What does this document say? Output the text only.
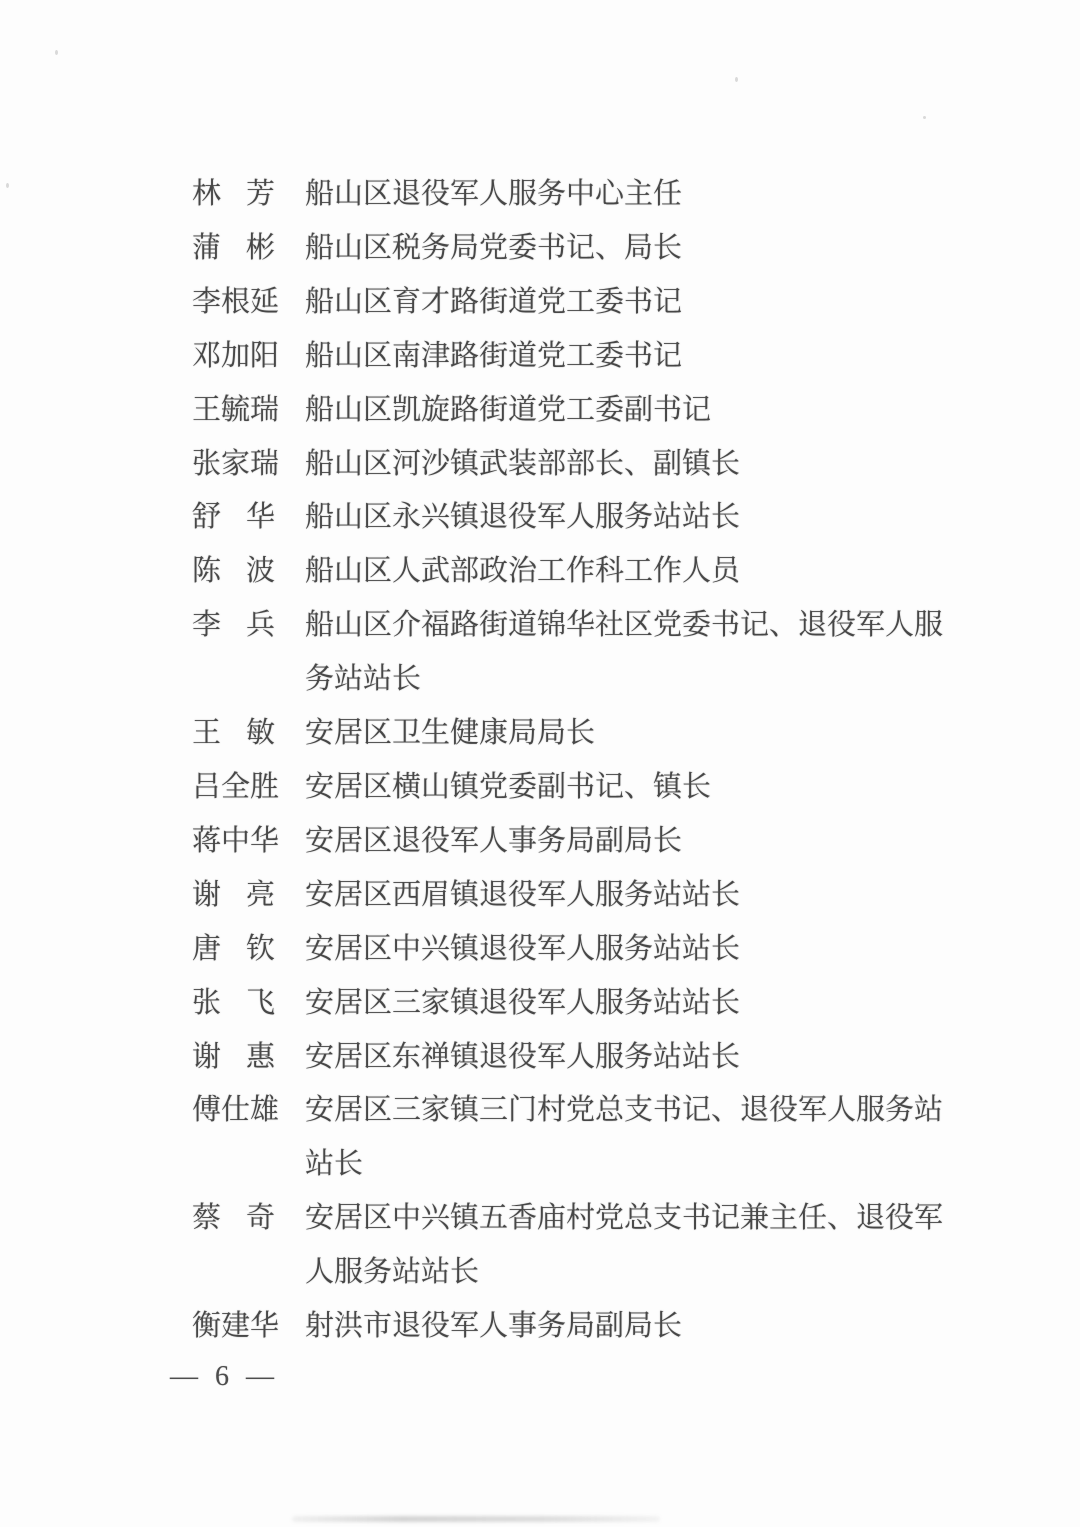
林 芳 船山区退役军人服务中心主任
蒲 彬 船山区税务局党委书记、局长
李 根 延 船山区育才路街道党工委书记
邓 加 阳 船山区南津路街道党工委书记
王 毓 瑞 船山区凯旋路街道党工委副书记
张 家 瑞 船山区河沙镇武装部部长、副镇长
舒 华 船山区永兴镇退役军人服务站站长
陈 波 船山区人武部政治工作科工作人员
李 兵 船山区介福路街道锦华社区党委书记、退役军人服
务站站长
王 敏 安居区卫生健康局局长
吕 全 胜 安居区横山镇党委副书记、镇长
蒋 中 华 安居区退役军人事务局副局长
谢 亮 安居区西眉镇退役军人服务站站长
唐 钦 安居区中兴镇退役军人服务站站长
张 飞 安居区三家镇退役军人服务站站长
谢 惠 安居区东禅镇退役军人服务站站长
傅 仕 雄 安居区三家镇三门村党总支书记、退役军人服务站
站长
蔡 奇 安居区中兴镇五香庙村党总支书记兼主任、退役军
人服务站站长
衡 建 华 射洪市退役军人事务局副局长
— 6 —
